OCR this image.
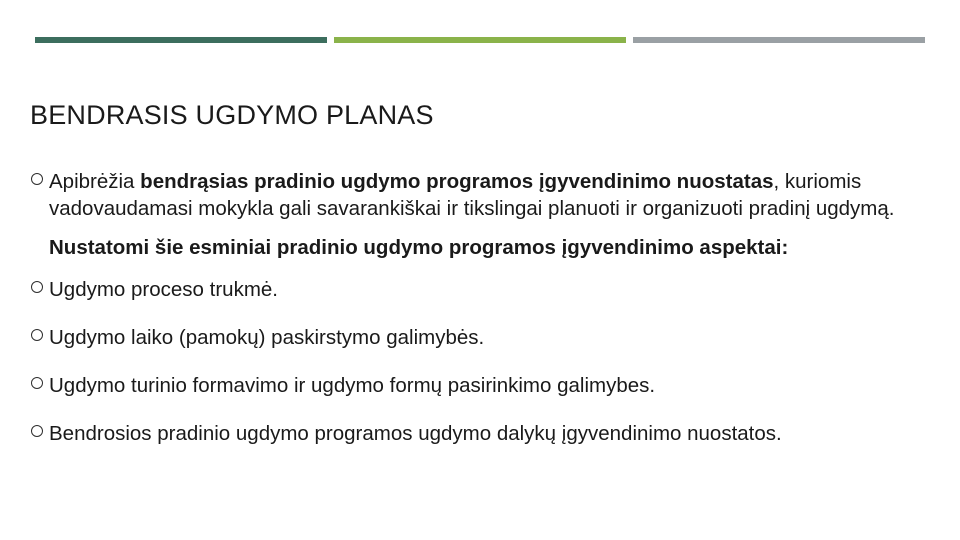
BENDRASIS UGDYMO PLANAS
Apibrėžia bendrąsias pradinio ugdymo programos įgyvendinimo nuostatas, kuriomis vadovaudamasi mokykla gali savarankiškai ir tikslingai planuoti ir organizuoti pradinį ugdymą.
Nustatomi šie esminiai pradinio ugdymo programos įgyvendinimo aspektai:
Ugdymo proceso trukmė.
Ugdymo laiko (pamokų) paskirstymo galimybės.
Ugdymo turinio formavimo ir ugdymo formų pasirinkimo galimybes.
Bendrosios pradinio ugdymo programos ugdymo dalykų įgyvendinimo nuostatos.
